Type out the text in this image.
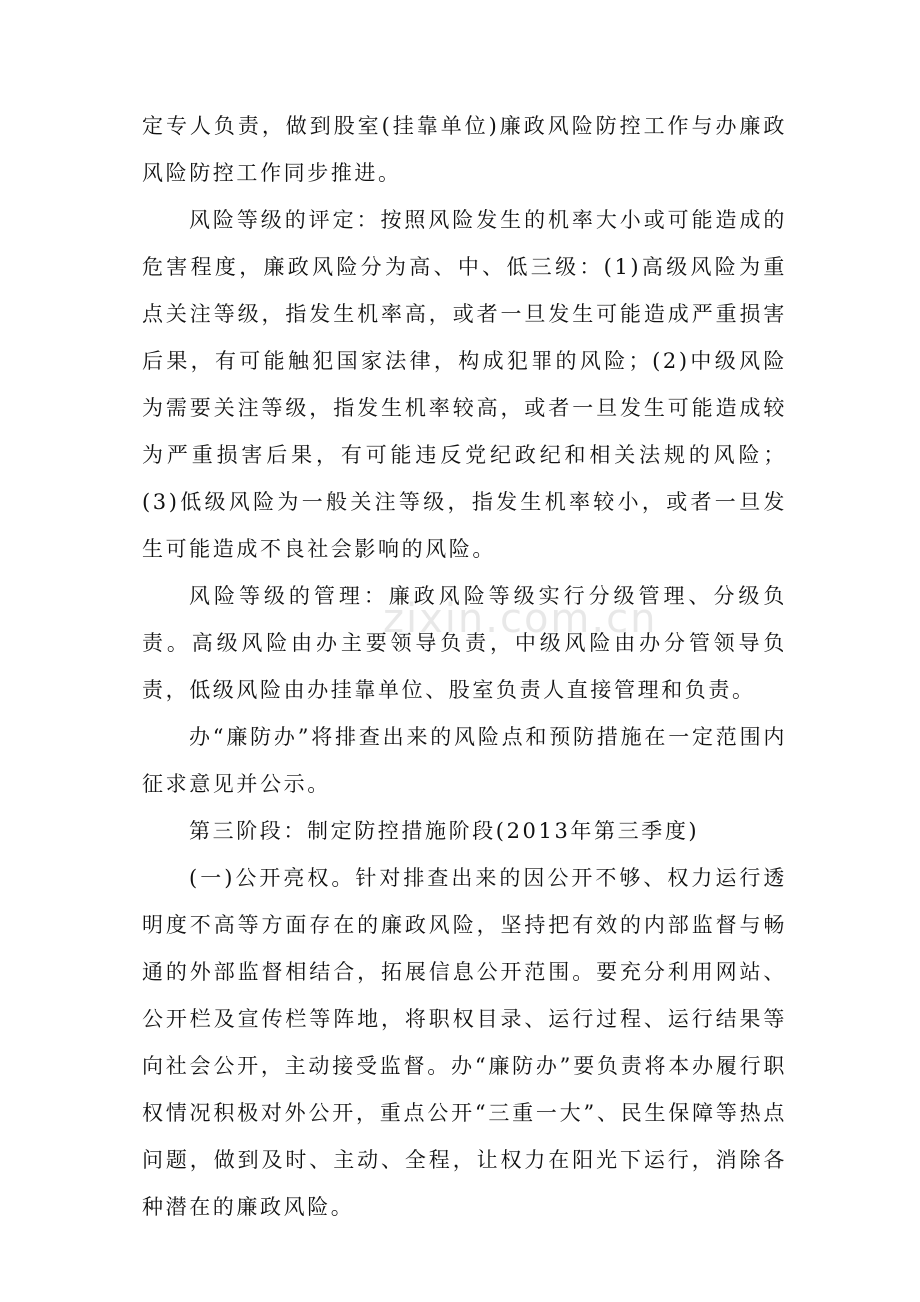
定专人负责，做到股室(挂靠单位)廉政风险防控工作与办廉政风险防控工作同步推进。

风险等级的评定：按照风险发生的机率大小或可能造成的危害程度，廉政风险分为高、中、低三级：(1)高级风险为重点关注等级，指发生机率高，或者一旦发生可能造成严重损害后果，有可能触犯国家法律，构成犯罪的风险；(2)中级风险为需要关注等级，指发生机率较高，或者一旦发生可能造成较为严重损害后果，有可能违反党纪政纪和相关法规的风险；(3)低级风险为一般关注等级，指发生机率较小，或者一旦发生可能造成不良社会影响的风险。

风险等级的管理：廉政风险等级实行分级管理、分级负责。高级风险由办主要领导负责，中级风险由办分管领导负责，低级风险由办挂靠单位、股室负责人直接管理和负责。

办“廉防办”将排查出来的风险点和预防措施在一定范围内征求意见并公示。

第三阶段：制定防控措施阶段(2013年第三季度)

(一)公开亮权。针对排查出来的因公开不够、权力运行透明度不高等方面存在的廉政风险，坚持把有效的内部监督与畅通的外部监督相结合，拓展信息公开范围。要充分利用网站、公开栏及宣传栏等阵地，将职权目录、运行过程、运行结果等向社会公开，主动接受监督。办“廉防办”要负责将本办履行职权情况积极对外公开，重点公开“三重一大”、民生保障等热点问题，做到及时、主动、全程，让权力在阳光下运行，消除各种潜在的廉政风险。

zixin.com.cn
